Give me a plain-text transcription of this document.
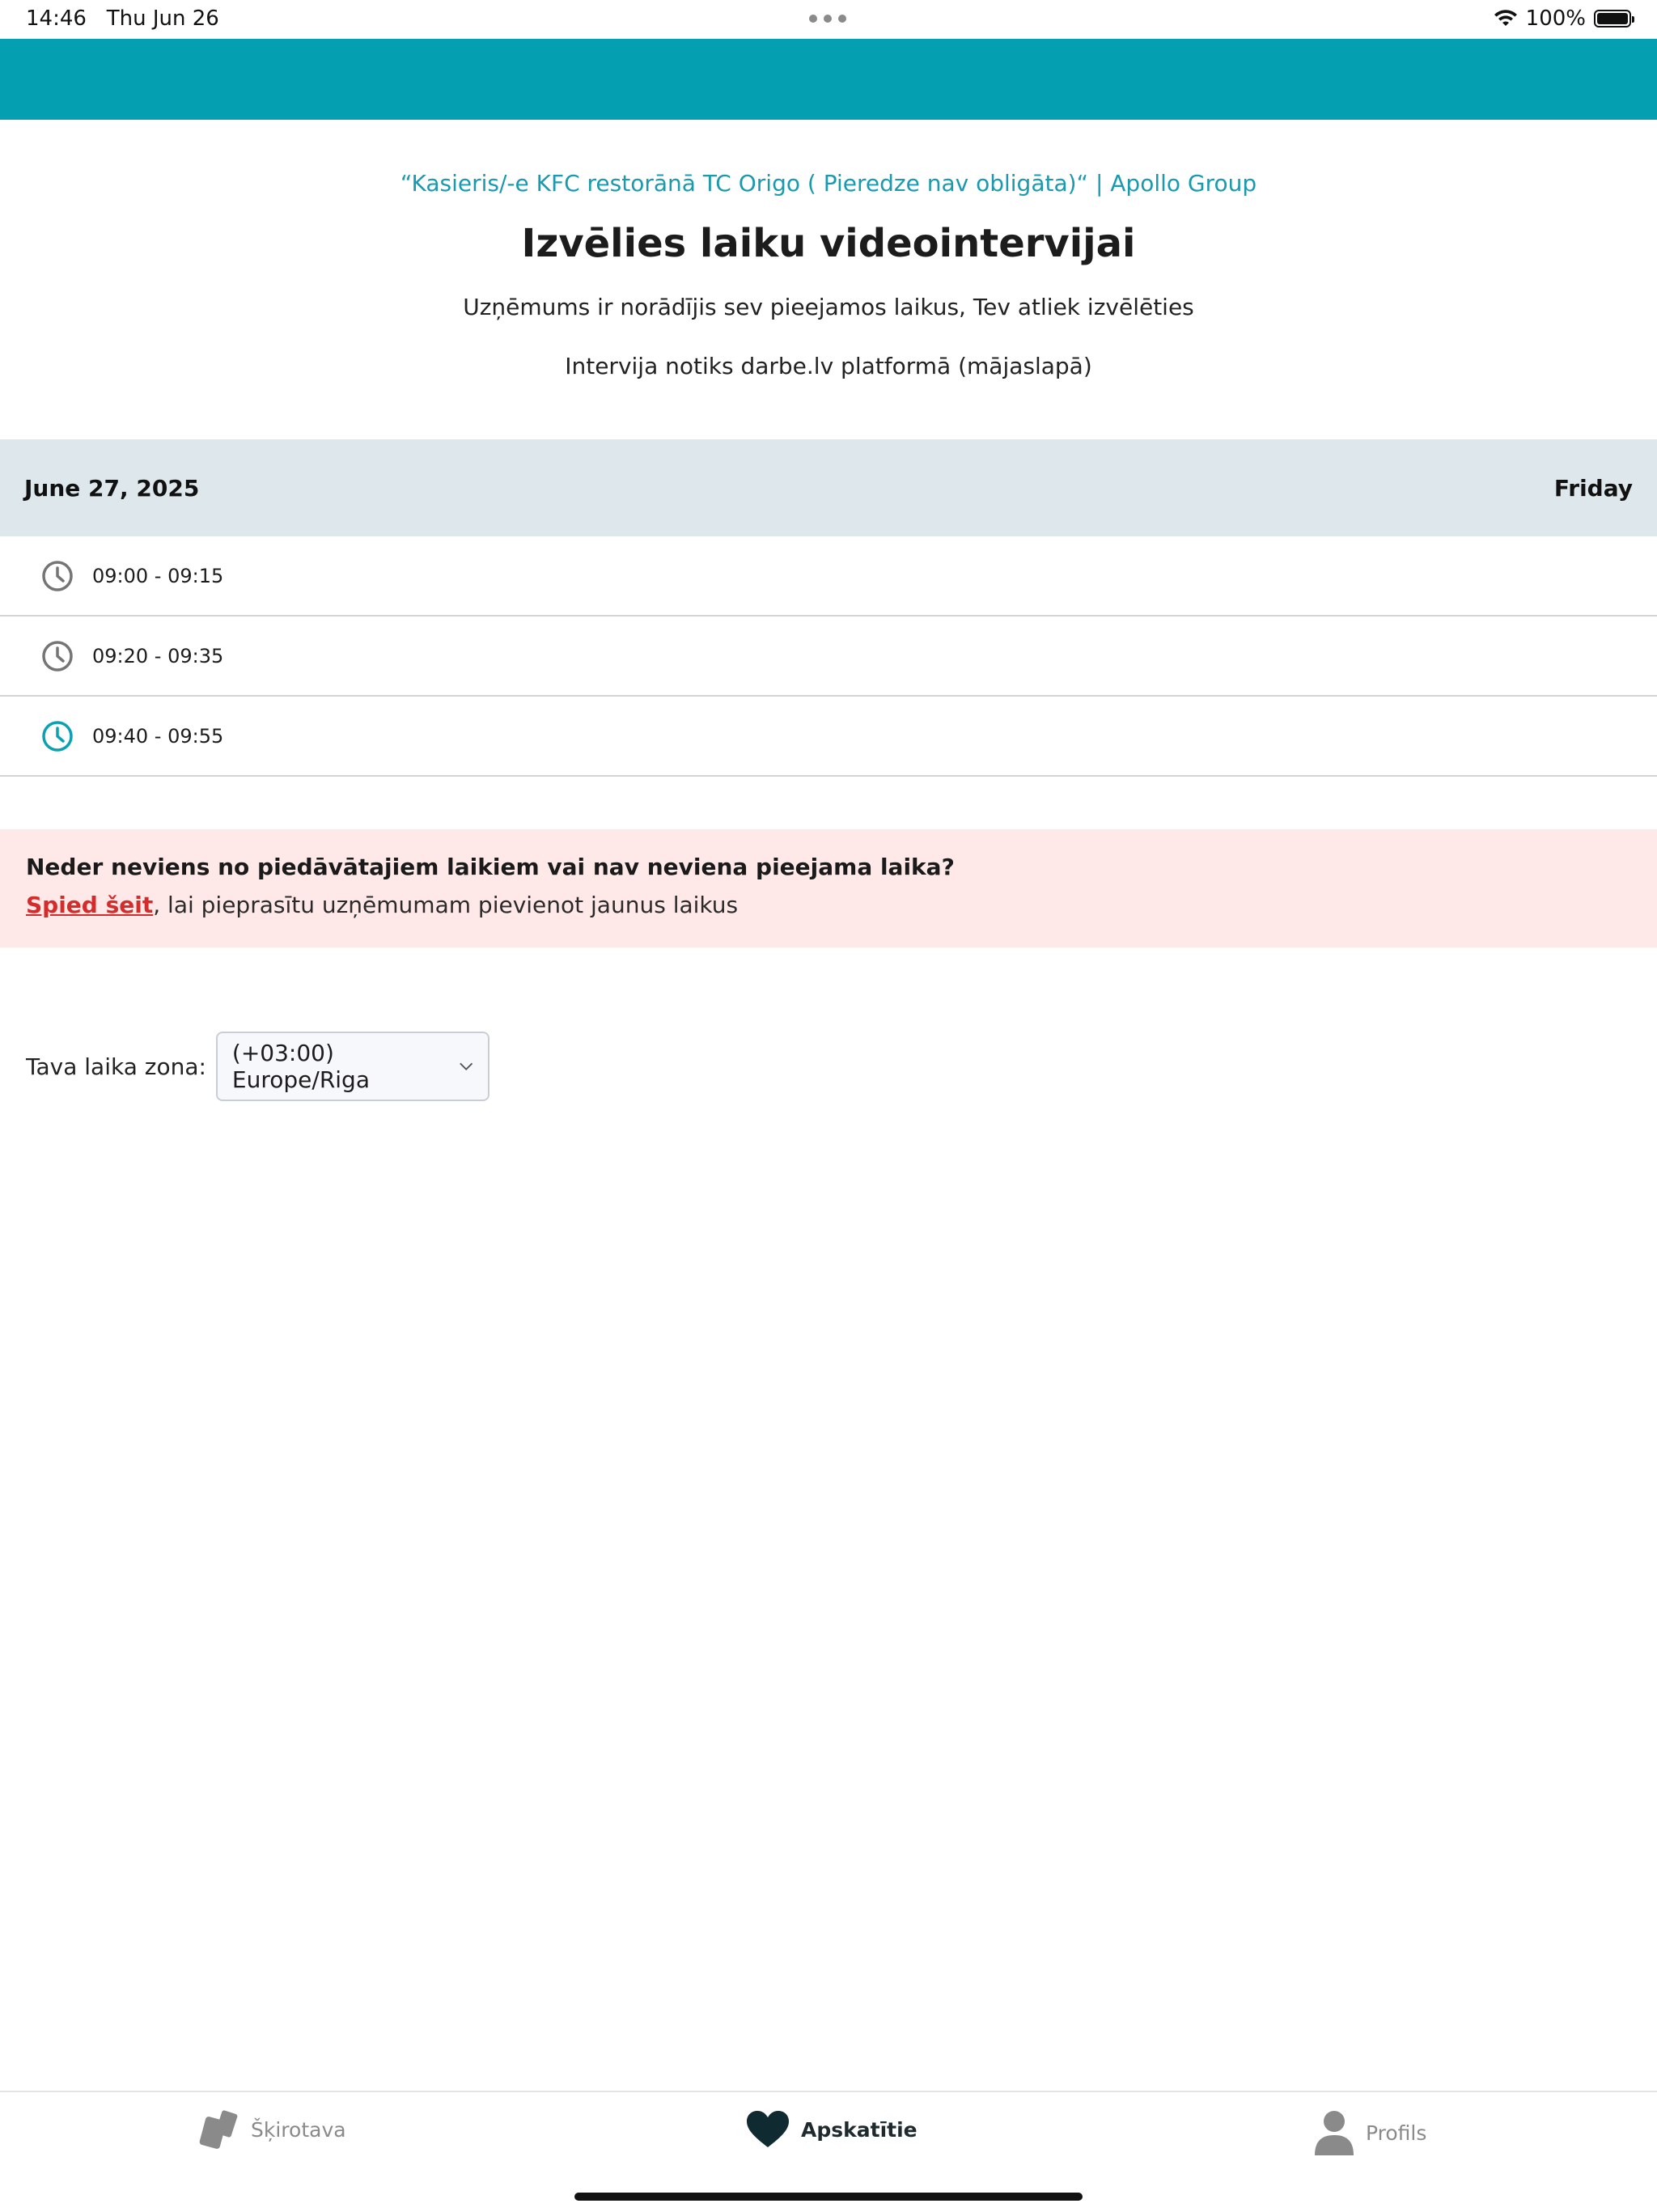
14:46 Thu Jun 26	100%
“Kasieris/-e KFC restorānā TC Origo ( Pieredze nav obligāta)“ | Apollo Group
Izvēlies laiku videointervijai
Uzņēmums ir norādījis sev pieejamos laikus, Tev atliek izvēlēties
Intervija notiks darbe.lv platformā (mājaslapā)
June 27, 2025	Friday
09:00 - 09:15
09:20 - 09:35
09:40 - 09:55
Neder neviens no piedāvātajiem laikiem vai nav neviena pieejama laika?
Spied šeit, lai pieprasītu uzņēmumam pievienot jaunus laikus
Tava laika zona: (+03:00) Europe/Riga
Šķirotava	Apskatītie	Profils
